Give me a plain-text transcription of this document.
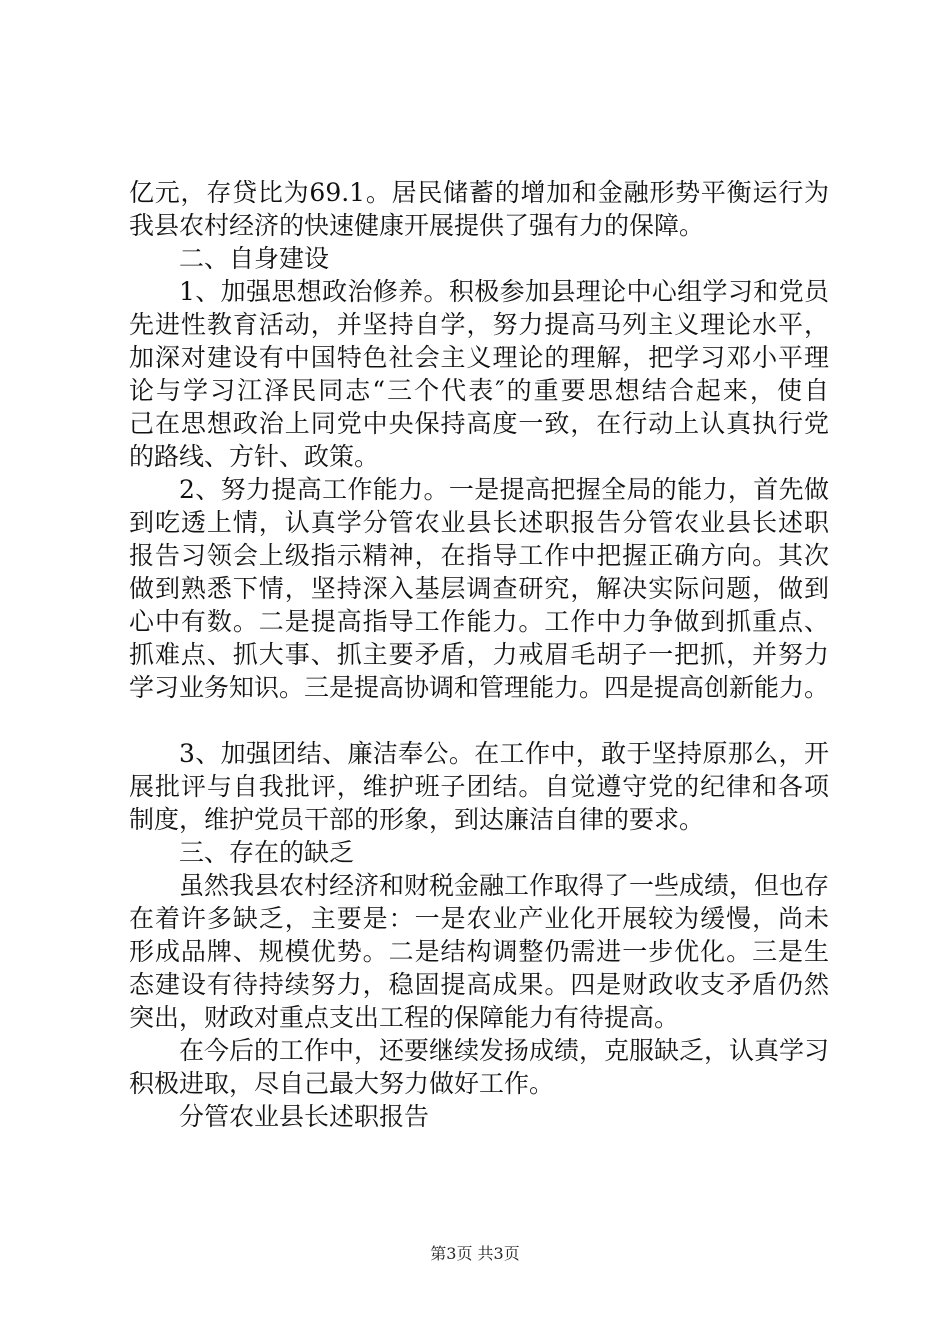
亿元，存贷比为69.1。居民储蓄的增加和金融形势平衡运行为
我县农村经济的快速健康开展提供了强有力的保障。
二、自身建设
1、加强思想政治修养。积极参加县理论中心组学习和党员
先进性教育活动，并坚持自学，努力提高马列主义理论水平，
加深对建设有中国特色社会主义理论的理解，把学习邓小平理
论与学习江泽民同志“三个代表″的重要思想结合起来，使自
己在思想政治上同党中央保持高度一致，在行动上认真执行党
的路线、方针、政策。
2、努力提高工作能力。一是提高把握全局的能力，首先做
到吃透上情，认真学分管农业县长述职报告分管农业县长述职
报告习领会上级指示精神，在指导工作中把握正确方向。其次
做到熟悉下情，坚持深入基层调查研究，解决实际问题，做到
心中有数。二是提高指导工作能力。工作中力争做到抓重点、
抓难点、抓大事、抓主要矛盾，力戒眉毛胡子一把抓，并努力
学习业务知识。三是提高协调和管理能力。四是提高创新能力。
3、加强团结、廉洁奉公。在工作中，敢于坚持原那么，开
展批评与自我批评，维护班子团结。自觉遵守党的纪律和各项
制度，维护党员干部的形象，到达廉洁自律的要求。
三、存在的缺乏
虽然我县农村经济和财税金融工作取得了一些成绩，但也存
在着许多缺乏，主要是：一是农业产业化开展较为缓慢，尚未
形成品牌、规模优势。二是结构调整仍需进一步优化。三是生
态建设有待持续努力，稳固提高成果。四是财政收支矛盾仍然
突出，财政对重点支出工程的保障能力有待提高。
在今后的工作中，还要继续发扬成绩，克服缺乏，认真学习
积极进取，尽自己最大努力做好工作。
分管农业县长述职报告
第3页 共3页
